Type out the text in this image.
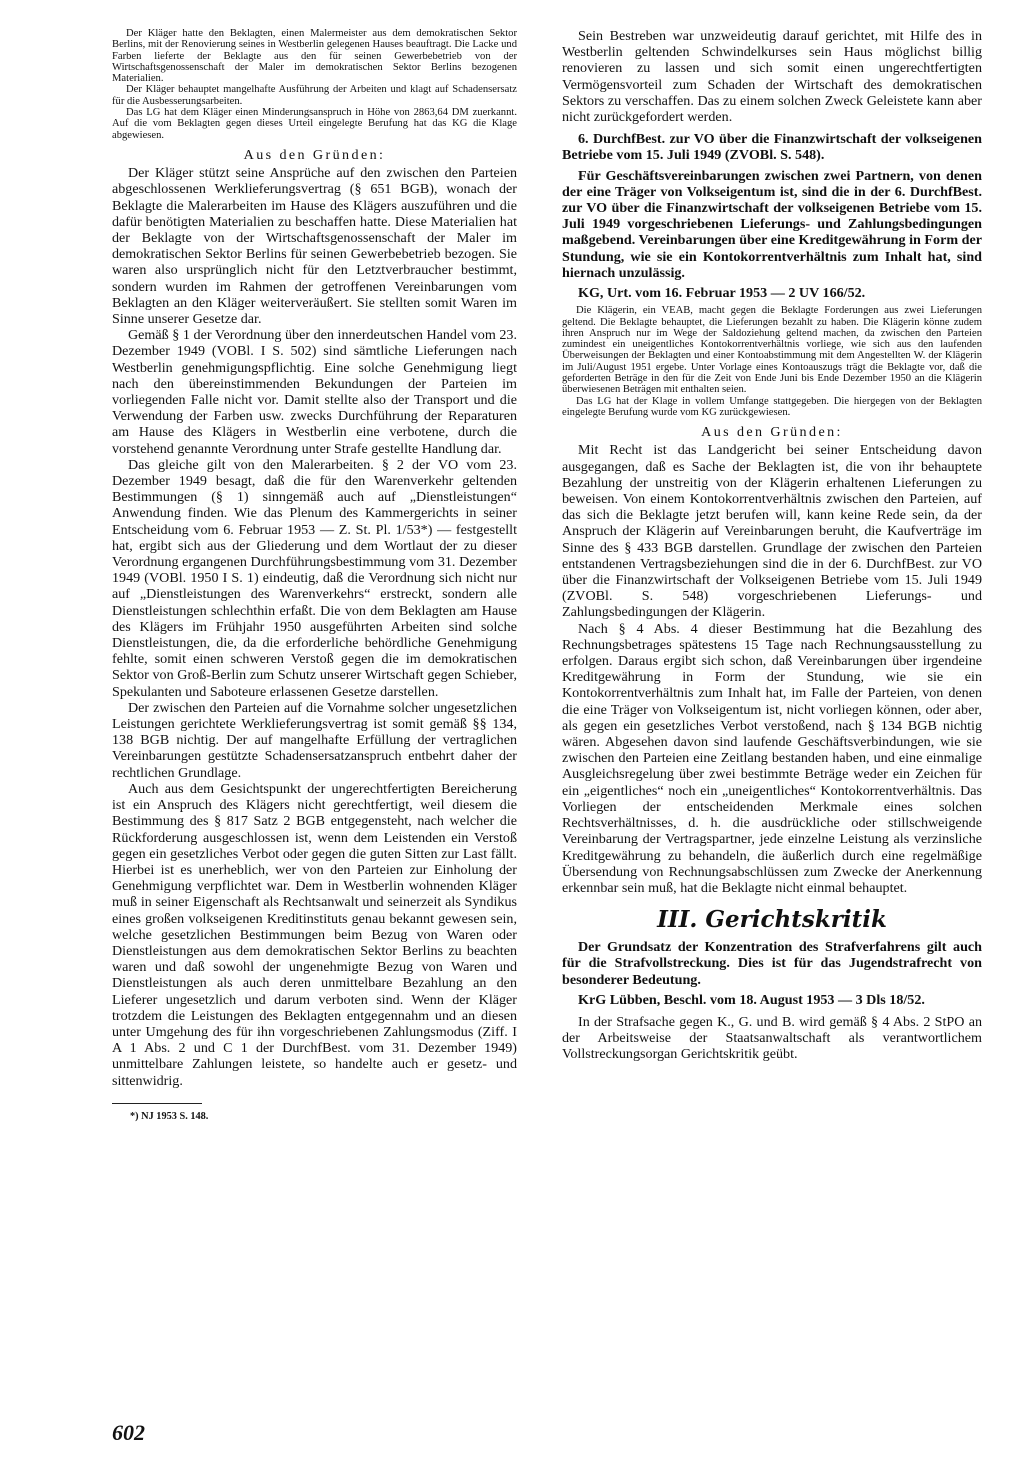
Der Kläger hatte den Beklagten, einen Malermeister aus dem demokratischen Sektor Berlins, mit der Renovierung seines in Westberlin gelegenen Hauses beauftragt. Die Lacke und Farben lieferte der Beklagte aus den für seinen Gewerbebetrieb von der Wirtschaftsgenossenschaft der Maler im demokratischen Sektor Berlins bezogenen Materialien.

Der Kläger behauptet mangelhafte Ausführung der Arbeiten und klagt auf Schadensersatz für die Ausbesserungsarbeiten.

Das LG hat dem Kläger einen Minderungsanspruch in Höhe von 2863,64 DM zuerkannt. Auf die vom Beklagten gegen dieses Urteil eingelegte Berufung hat das KG die Klage abgewiesen.

Aus den Gründen:

Der Kläger stützt seine Ansprüche auf den zwischen den Parteien abgeschlossenen Werklieferungsvertrag (§ 651 BGB), wonach der Beklagte die Malerarbeiten im Hause des Klägers auszuführen und die dafür benötigten Materialien zu beschaffen hatte. Diese Materialien hat der Beklagte von der Wirtschaftsgenossenschaft der Maler im demokratischen Sektor Berlins für seinen Gewerbebetrieb bezogen. Sie waren also ursprünglich nicht für den Letztverbraucher bestimmt, sondern wurden im Rahmen der getroffenen Vereinbarungen vom Beklagten an den Kläger weiterveräußert. Sie stellten somit Waren im Sinne unserer Gesetze dar.

Gemäß § 1 der Verordnung über den innerdeutschen Handel vom 23. Dezember 1949 (VOBl. I S. 502) sind sämtliche Lieferungen nach Westberlin genehmigungspflichtig. Eine solche Genehmigung liegt nach den übereinstimmenden Bekundungen der Parteien im vorliegenden Falle nicht vor. Damit stellte also der Transport und die Verwendung der Farben usw. zwecks Durchführung der Reparaturen am Hause des Klägers in Westberlin eine verbotene, durch die vorstehend genannte Verordnung unter Strafe gestellte Handlung dar.

Das gleiche gilt von den Malerarbeiten. § 2 der VO vom 23. Dezember 1949 besagt, daß die für den Warenverkehr geltenden Bestimmungen (§ 1) sinngemäß auch auf „Dienstleistungen“ Anwendung finden. Wie das Plenum des Kammergerichts in seiner Entscheidung vom 6. Februar 1953 — Z. St. Pl. 1/53*) — festgestellt hat, ergibt sich aus der Gliederung und dem Wortlaut der zu dieser Verordnung ergangenen Durchführungsbestimmung vom 31. Dezember 1949 (VOBl. 1950 I S. 1) eindeutig, daß die Verordnung sich nicht nur auf „Dienstleistungen des Warenverkehrs“ erstreckt, sondern alle Dienstleistungen schlechthin erfaßt. Die von dem Beklagten am Hause des Klägers im Frühjahr 1950 ausgeführten Arbeiten sind solche Dienstleistungen, die, da die erforderliche behördliche Genehmigung fehlte, somit einen schweren Verstoß gegen die im demokratischen Sektor von Groß-Berlin zum Schutz unserer Wirtschaft gegen Schieber, Spekulanten und Saboteure erlassenen Gesetze darstellen.

Der zwischen den Parteien auf die Vornahme solcher ungesetzlichen Leistungen gerichtete Werklieferungsvertrag ist somit gemäß §§ 134, 138 BGB nichtig. Der auf mangelhafte Erfüllung der vertraglichen Vereinbarungen gestützte Schadensersatzanspruch entbehrt daher der rechtlichen Grundlage.

Auch aus dem Gesichtspunkt der ungerechtfertigten Bereicherung ist ein Anspruch des Klägers nicht gerechtfertigt, weil diesem die Bestimmung des § 817 Satz 2 BGB entgegensteht, nach welcher die Rückforderung ausgeschlossen ist, wenn dem Leistenden ein Verstoß gegen ein gesetzliches Verbot oder gegen die guten Sitten zur Last fällt. Hierbei ist es unerheblich, wer von den Parteien zur Einholung der Genehmigung verpflichtet war. Dem in Westberlin wohnenden Kläger muß in seiner Eigenschaft als Rechtsanwalt und seinerzeit als Syndikus eines großen volkseigenen Kreditinstituts genau bekannt gewesen sein, welche gesetzlichen Bestimmungen beim Bezug von Waren oder Dienstleistungen aus dem demokratischen Sektor Berlins zu beachten waren und daß sowohl der ungenehmigte Bezug von Waren und Dienstleistungen als auch deren unmittelbare Bezahlung an den Lieferer ungesetzlich und darum verboten sind. Wenn der Kläger trotzdem die Leistungen des Beklagten entgegennahm und an diesen unter Umgehung des für ihn vorgeschriebenen Zahlungsmodus (Ziff. I A 1 Abs. 2 und C 1 der DurchfBest. vom 31. Dezember 1949) unmittelbare Zahlungen leistete, so handelte auch er gesetz- und sittenwidrig.

*) NJ 1953 S. 148.

Sein Bestreben war unzweideutig darauf gerichtet, mit Hilfe des in Westberlin geltenden Schwindelkurses sein Haus möglichst billig renovieren zu lassen und sich somit einen ungerechtfertigten Vermögensvorteil zum Schaden der Wirtschaft des demokratischen Sektors zu verschaffen. Das zu einem solchen Zweck Geleistete kann aber nicht zurückgefordert werden.

6. DurchfBest. zur VO über die Finanzwirtschaft der volkseigenen Betriebe vom 15. Juli 1949 (ZVOBl. S. 548).

Für Geschäftsvereinbarungen zwischen zwei Partnern, von denen der eine Träger von Volkseigentum ist, sind die in der 6. DurchfBest. zur VO über die Finanzwirtschaft der volkseigenen Betriebe vom 15. Juli 1949 vorgeschriebenen Lieferungs- und Zahlungsbedingungen maßgebend. Vereinbarungen über eine Kreditgewährung in Form der Stundung, wie sie ein Kontokorrentverhältnis zum Inhalt hat, sind hiernach unzulässig.

KG, Urt. vom 16. Februar 1953 — 2 UV 166/52.

Die Klägerin, ein VEAB, macht gegen die Beklagte Forderungen aus zwei Lieferungen geltend. Die Beklagte behauptet, die Lieferungen bezahlt zu haben. Die Klägerin könne zudem ihren Anspruch nur im Wege der Saldoziehung geltend machen, da zwischen den Parteien zumindest ein uneigentliches Kontokorrentverhältnis vorliege, wie sich aus den laufenden Überweisungen der Beklagten und einer Kontoabstimmung mit dem Angestellten W. der Klägerin im Juli/August 1951 ergebe. Unter Vorlage eines Kontoauszugs trägt die Beklagte vor, daß die geforderten Beträge in den für die Zeit von Ende Juni bis Ende Dezember 1950 an die Klägerin überwiesenen Beträgen mit enthalten seien.

Das LG hat der Klage in vollem Umfange stattgegeben. Die hiergegen von der Beklagten eingelegte Berufung wurde vom KG zurückgewiesen.

Aus den Gründen:

Mit Recht ist das Landgericht bei seiner Entscheidung davon ausgegangen, daß es Sache der Beklagten ist, die von ihr behauptete Bezahlung der unstreitig von der Klägerin erhaltenen Lieferungen zu beweisen. Von einem Kontokorrentverhältnis zwischen den Parteien, auf das sich die Beklagte jetzt berufen will, kann keine Rede sein, da der Anspruch der Klägerin auf Vereinbarungen beruht, die Kaufverträge im Sinne des § 433 BGB darstellen. Grundlage der zwischen den Parteien entstandenen Vertragsbeziehungen sind die in der 6. DurchfBest. zur VO über die Finanzwirtschaft der Volkseigenen Betriebe vom 15. Juli 1949 (ZVOBl. S. 548) vorgeschriebenen Lieferungs- und Zahlungsbedingungen der Klägerin.

Nach § 4 Abs. 4 dieser Bestimmung hat die Bezahlung des Rechnungsbetrages spätestens 15 Tage nach Rechnungsausstellung zu erfolgen. Daraus ergibt sich schon, daß Vereinbarungen über irgendeine Kreditgewährung in Form der Stundung, wie sie ein Kontokorrentverhältnis zum Inhalt hat, im Falle der Parteien, von denen die eine Träger von Volkseigentum ist, nicht vorliegen können, oder aber, als gegen ein gesetzliches Verbot verstoßend, nach § 134 BGB nichtig wären. Abgesehen davon sind laufende Geschäftsverbindungen, wie sie zwischen den Parteien eine Zeitlang bestanden haben, und eine einmalige Ausgleichsregelung über zwei bestimmte Beträge weder ein Zeichen für ein „eigentliches“ noch ein „uneigentliches“ Kontokorrentverhältnis. Das Vorliegen der entscheidenden Merkmale eines solchen Rechtsverhältnisses, d. h. die ausdrückliche oder stillschweigende Vereinbarung der Vertragspartner, jede einzelne Leistung als verzinsliche Kreditgewährung zu behandeln, die äußerlich durch eine regelmäßige Übersendung von Rechnungsabschlüssen zum Zwecke der Anerkennung erkennbar sein muß, hat die Beklagte nicht einmal behauptet.

III. Gerichtskritik

Der Grundsatz der Konzentration des Strafverfahrens gilt auch für die Strafvollstreckung. Dies ist für das Jugendstrafrecht von besonderer Bedeutung.

KrG Lübben, Beschl. vom 18. August 1953 — 3 Dls 18/52.

In der Strafsache gegen K., G. und B. wird gemäß § 4 Abs. 2 StPO an der Arbeitsweise der Staatsanwaltschaft als verantwortlichem Vollstreckungsorgan Gerichtskritik geübt.

602
